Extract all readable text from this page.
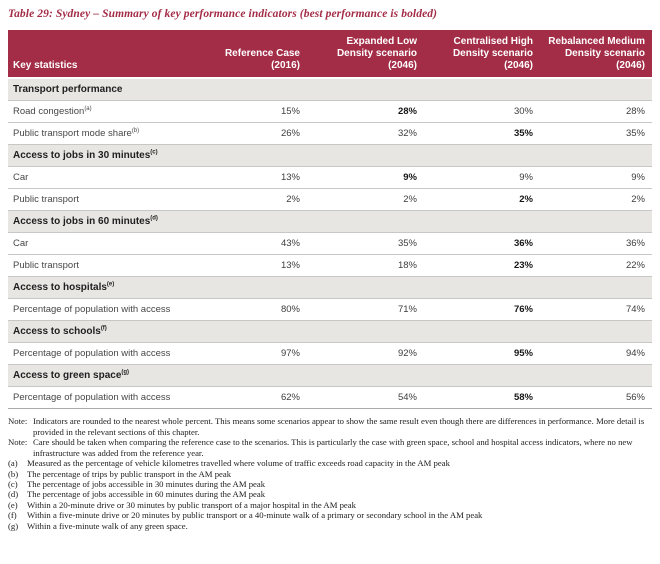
Table 29: Sydney – Summary of key performance indicators (best performance is bolded)
Key statistics	Reference Case (2016)	Expanded Low Density scenario (2046)	Centralised High Density scenario (2046)	Rebalanced Medium Density scenario (2046)
Transport performance				
Road congestion$^{(a)}$	15%	28%	30%	28%
Public transport mode share$^{(b)}$	26%	32%	35%	35%
Access to jobs in 30 minutes$^{(c)}$
Car	13%	9%	9%	9%
Public transport	2%	2%	2%	2%
Access to jobs in 60 minutes$^{(d)}$
Car	43%	35%	36%	36%
Public transport	13%	18%	23%	22%
Access to hospitals$^{(e)}$
Percentage of population with access	80%	71%	76%	74%
Access to schools$^{(f)}$
Percentage of population with access	97%	92%	95%	94%
Access to green space$^{(g)}$
Percentage of population with access	62%	54%	58%	56%
Note: Indicators are rounded to the nearest whole percent. This means some scenarios appear to show the same result even though there are differences in performance. More detail is provided in the relevant sections of this chapter.
Note: Care should be taken when comparing the reference case to the scenarios. This is particularly the case with green space, school and hospital access indicators, where no new infrastructure was added from the reference year.
(a)	Measured as the percentage of vehicle kilometres travelled where volume of traffic exceeds road capacity in the AM peak
(b)	The percentage of trips by public transport in the AM peak
(c)	The percentage of jobs accessible in 30 minutes during the AM peak
(d)	The percentage of jobs accessible in 60 minutes during the AM peak
(e)	Within a 20-minute drive or 30 minutes by public transport of a major hospital in the AM peak
(f)	Within a five-minute drive or 20 minutes by public transport or a 40-minute walk of a primary or secondary school in the AM peak
(g)	Within a five-minute walk of any green space.
